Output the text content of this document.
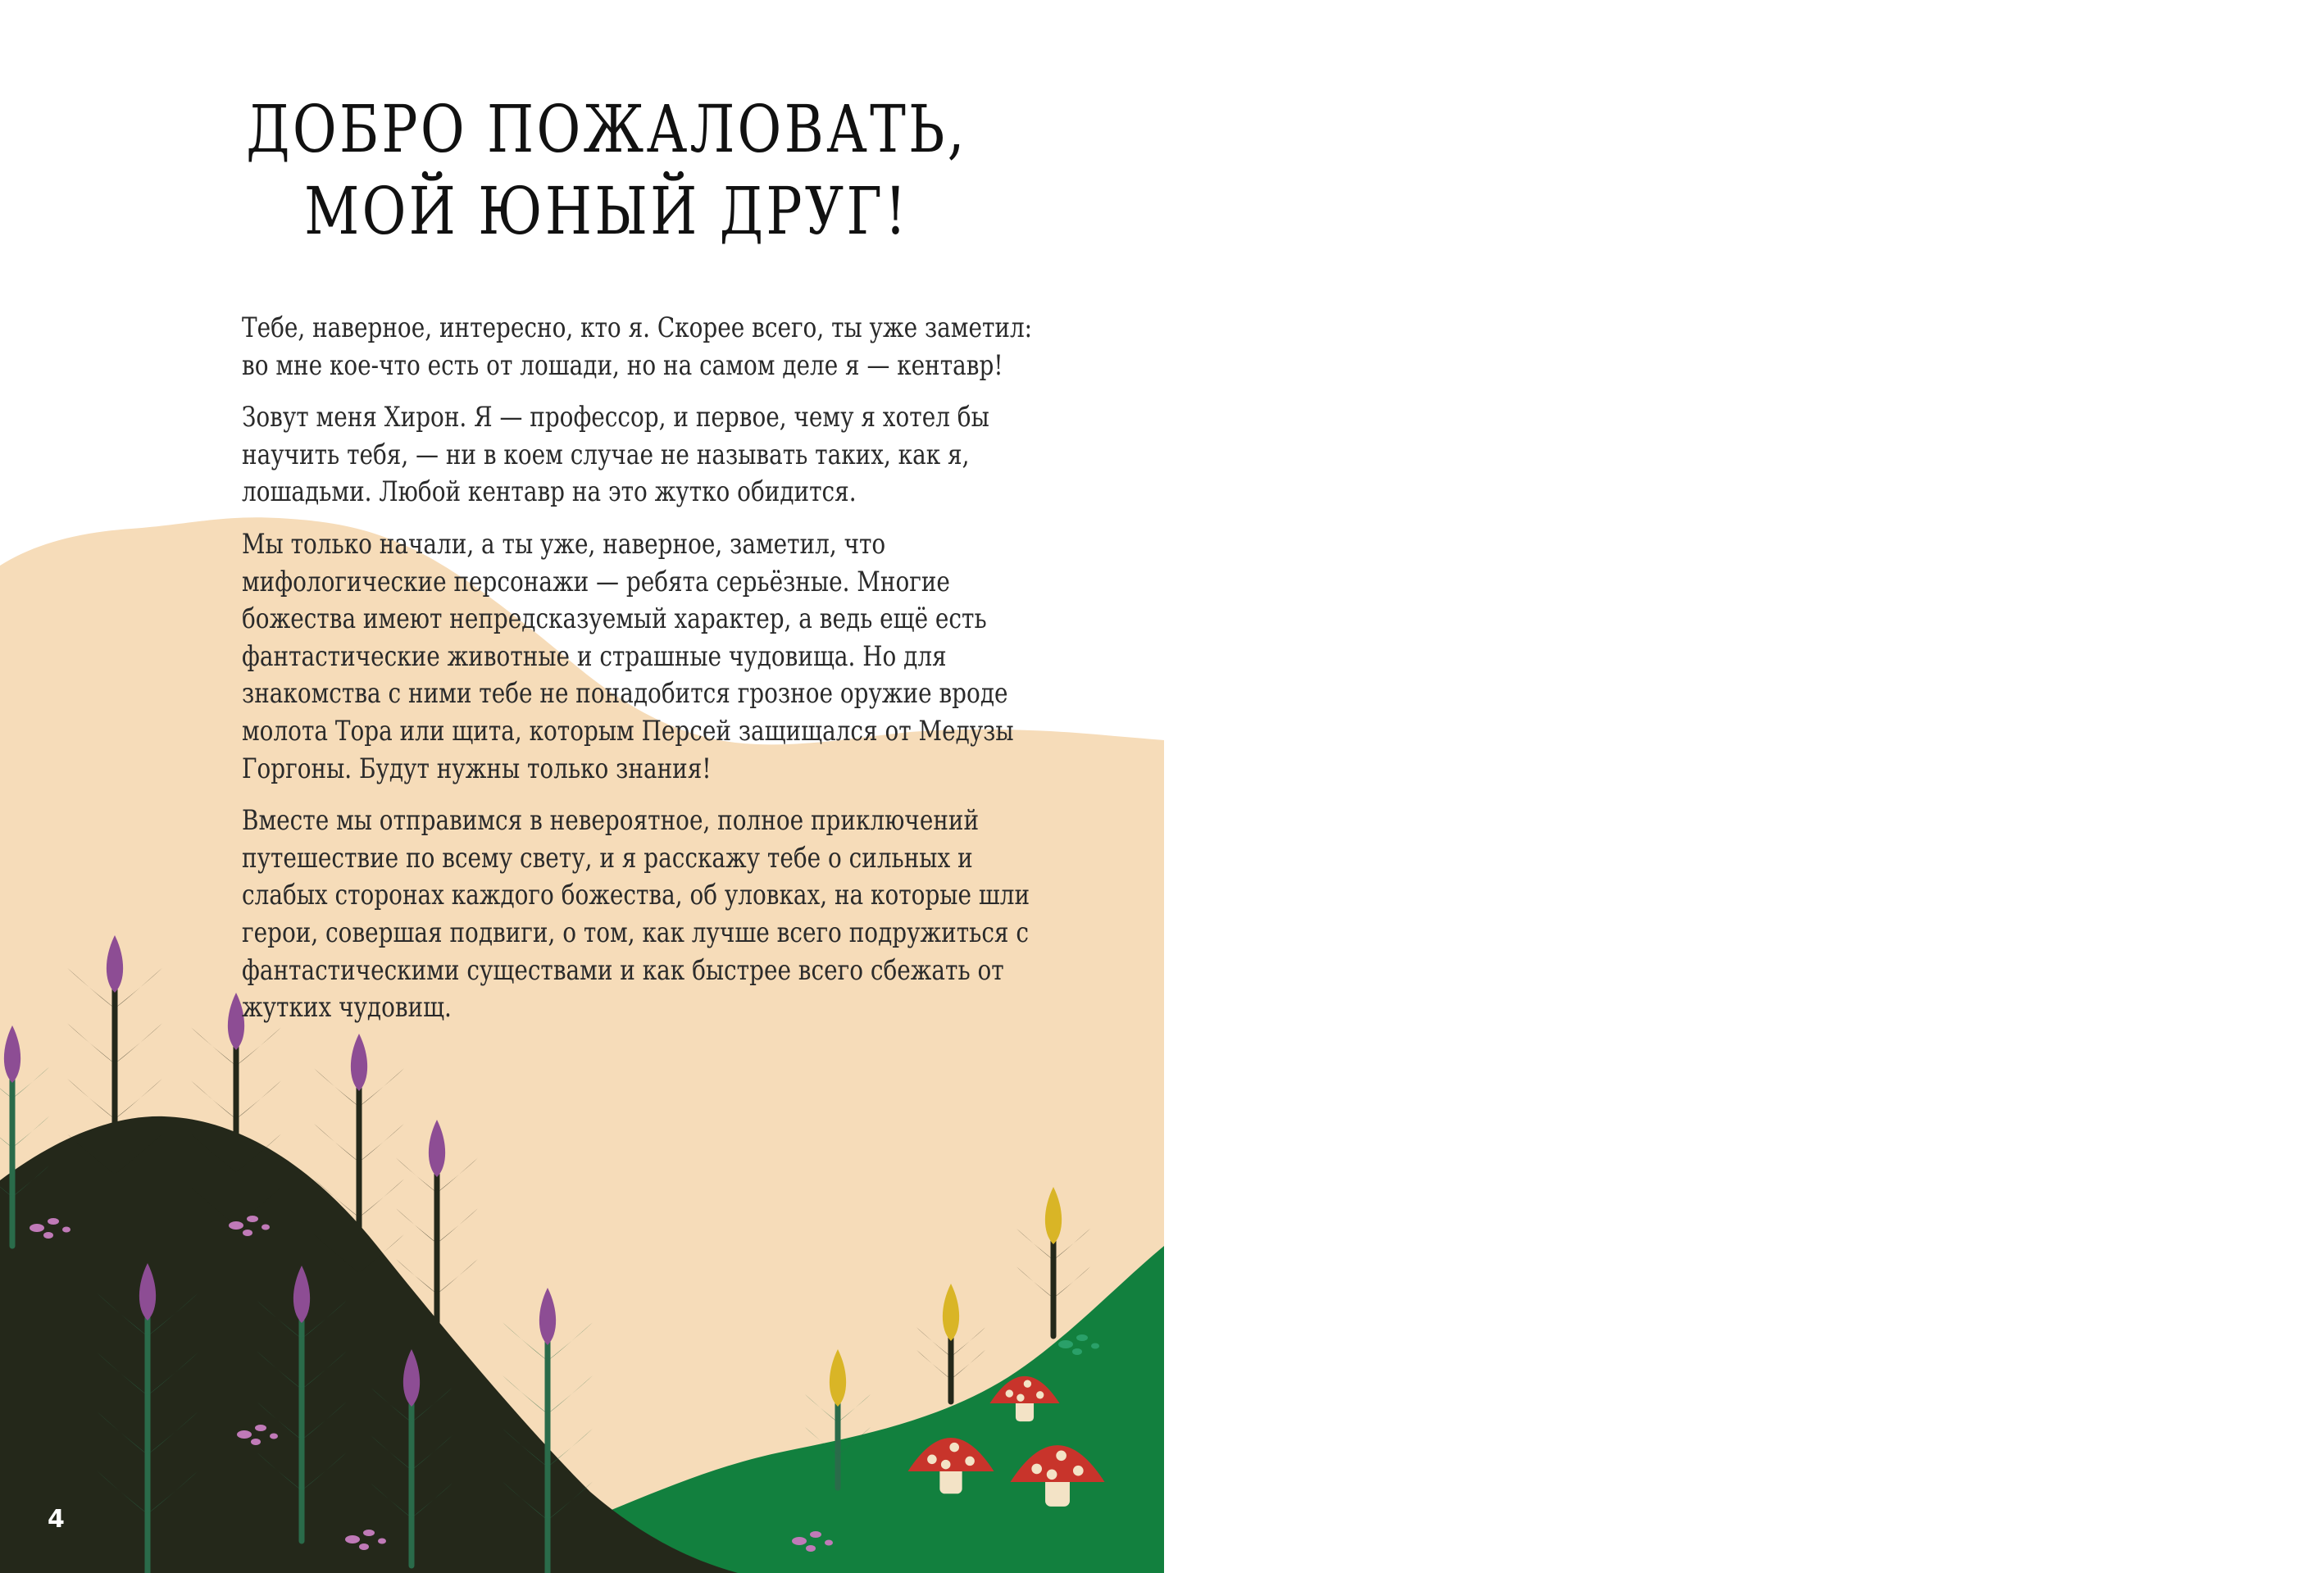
ДОБРО ПОЖАЛОВАТЬ,
МОЙ ЮНЫЙ ДРУГ!

Тебе, наверное, интересно, кто я. Скорее всего, ты уже заметил: во мне кое-что есть от лошади, но на самом деле я — кентавр!

Зовут меня Хирон. Я — профессор, и первое, чему я хотел бы научить тебя, — ни в коем случае не называть таких, как я, лошадьми. Любой кентавр на это жутко обидится.

Мы только начали, а ты уже, наверное, заметил, что мифологические персонажи — ребята серьёзные. Многие божества имеют непредсказуемый характер, а ведь ещё есть фантастические животные и страшные чудовища. Но для знакомства с ними тебе не понадобится грозное оружие вроде молота Тора или щита, которым Персей защищался от Медузы Горгоны. Будут нужны только знания!

Вместе мы отправимся в невероятное, полное приключений путешествие по всему свету, и я расскажу тебе о сильных и слабых сторонах каждого божества, об уловках, на которые шли герои, совершая подвиги, о том, как лучше всего подружиться с фантастическими существами и как быстрее всего сбежать от жутких чудовищ.

4
